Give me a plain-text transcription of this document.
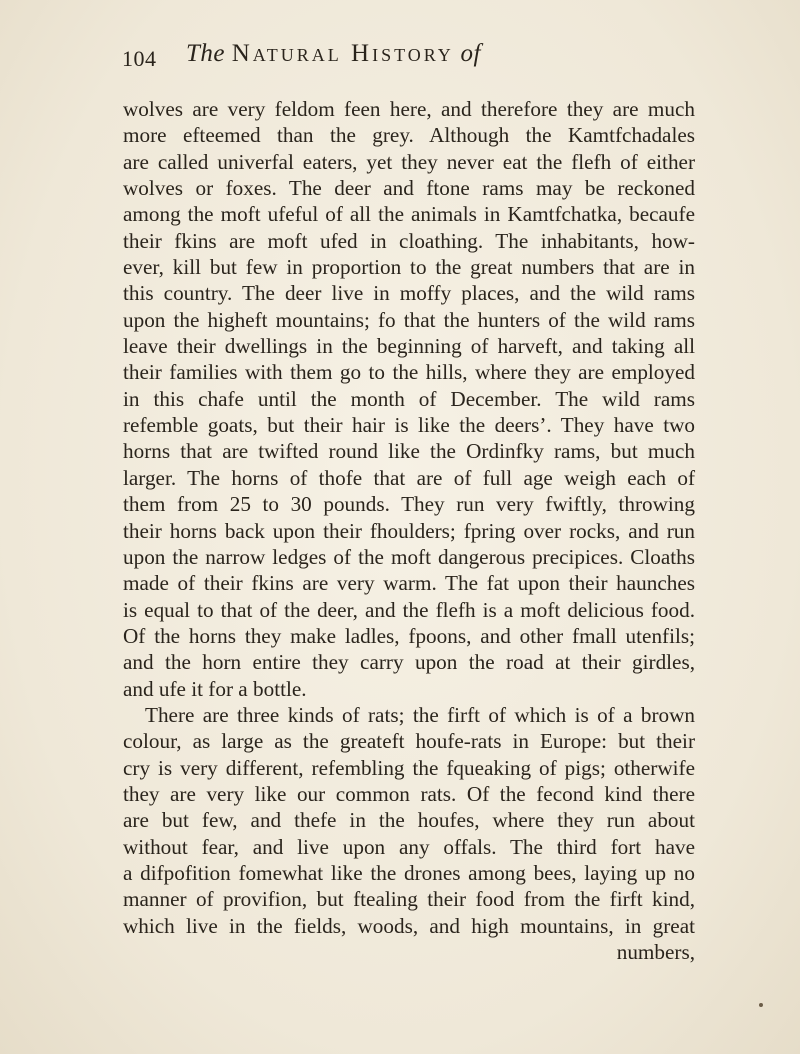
104 The Natural History of
wolves are very feldom feen here, and therefore they are much
more efteemed than the grey. Although the Kamtfchadales
are called univerfal eaters, yet they never eat the flefh of either
wolves or foxes. The deer and ftone rams may be reckoned
among the moft ufeful of all the animals in Kamtfchatka, becaufe
their fkins are moft ufed in cloathing. The inhabitants, how-
ever, kill but few in proportion to the great numbers that are in
this country. The deer live in moffy places, and the wild rams
upon the higheft mountains; fo that the hunters of the wild rams
leave their dwellings in the beginning of harveft, and taking all
their families with them go to the hills, where they are employed
in this chafe until the month of December. The wild rams
refemble goats, but their hair is like the deers’. They have two
horns that are twifted round like the Ordinfky rams, but much
larger. The horns of thofe that are of full age weigh each of
them from 25 to 30 pounds. They run very fwiftly, throwing
their horns back upon their fhoulders; fpring over rocks, and run
upon the narrow ledges of the moft dangerous precipices. Cloaths
made of their fkins are very warm. The fat upon their haunches
is equal to that of the deer, and the flefh is a moft delicious food.
Of the horns they make ladles, fpoons, and other fmall utenfils;
and the horn entire they carry upon the road at their girdles,
and ufe it for a bottle.
There are three kinds of rats; the firft of which is of a brown
colour, as large as the greateft houfe-rats in Europe: but their
cry is very different, refembling the fqueaking of pigs; otherwife
they are very like our common rats. Of the fecond kind there
are but few, and thefe in the houfes, where they run about
without fear, and live upon any offals. The third fort have
a difpofition fomewhat like the drones among bees, laying up no
manner of provifion, but ftealing their food from the firft kind,
which live in the fields, woods, and high mountains, in great
numbers,
